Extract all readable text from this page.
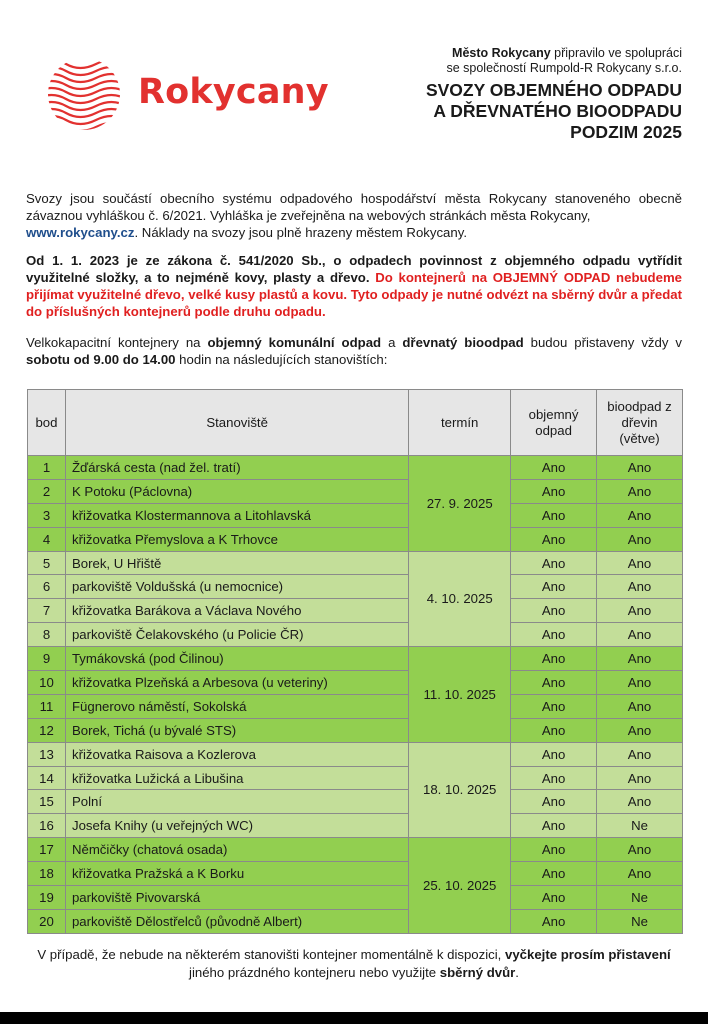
Rokycany
Město Rokycany připravilo ve spolupráci
se společností Rumpold-R Rokycany s.r.o.
SVOZY OBJEMNÉHO ODPADU
A DŘEVNATÉHO BIOODPADU
PODZIM 2025
Svozy jsou součástí obecního systému odpadového hospodářství města Rokycany stanoveného obecně závaznou vyhláškou č. 6/2021. Vyhláška je zveřejněna na webových stránkách města Rokycany,
www.rokycany.cz. Náklady na svozy jsou plně hrazeny městem Rokycany.
Od 1. 1. 2023 je ze zákona č. 541/2020 Sb., o odpadech povinnost z objemného odpadu vytřídit využitelné složky, a to nejméně kovy, plasty a dřevo. Do kontejnerů na OBJEMNÝ ODPAD nebudeme přijímat využitelné dřevo, velké kusy plastů a kovu. Tyto odpady je nutné odvézt na sběrný dvůr a předat do příslušných kontejnerů podle druhu odpadu.
Velkokapacitní kontejnery na objemný komunální odpad a dřevnatý bioodpad budou přistaveny vždy v sobotu od 9.00 do 14.00 hodin na následujících stanovištích:
bod	Stanoviště	termín	objemný odpad	bioodpad z dřevin (větve)
1	Žďárská cesta (nad žel. tratí)	27. 9. 2025	Ano	Ano
2	K Potoku (Páclovna)		Ano	Ano
3	křižovatka Klostermannova a Litohlavská		Ano	Ano
4	křižovatka Přemyslova a K Trhovce		Ano	Ano
5	Borek, U Hřiště	4. 10. 2025	Ano	Ano
6	parkoviště Voldušská (u nemocnice)		Ano	Ano
7	křižovatka Barákova a Václava Nového		Ano	Ano
8	parkoviště Čelakovského (u Policie ČR)		Ano	Ano
9	Tymákovská (pod Čilinou)	11. 10. 2025	Ano	Ano
10	křižovatka Plzeňská a Arbesova (u veteriny)		Ano	Ano
11	Fügnerovo náměstí, Sokolská		Ano	Ano
12	Borek, Tichá (u bývalé STS)		Ano	Ano
13	křižovatka Raisova a Kozlerova	18. 10. 2025	Ano	Ano
14	křižovatka Lužická a Libušina		Ano	Ano
15	Polní		Ano	Ano
16	Josefa Knihy (u veřejných WC)		Ano	Ne
17	Němčičky (chatová osada)	25. 10. 2025	Ano	Ano
18	křižovatka Pražská a K Borku		Ano	Ano
19	parkoviště Pivovarská		Ano	Ne
20	parkoviště Dělostřelců (původně Albert)		Ano	Ne
V případě, že nebude na některém stanovišti kontejner momentálně k dispozici, vyčkejte prosím přistavení jiného prázdného kontejneru nebo využijte sběrný dvůr.
